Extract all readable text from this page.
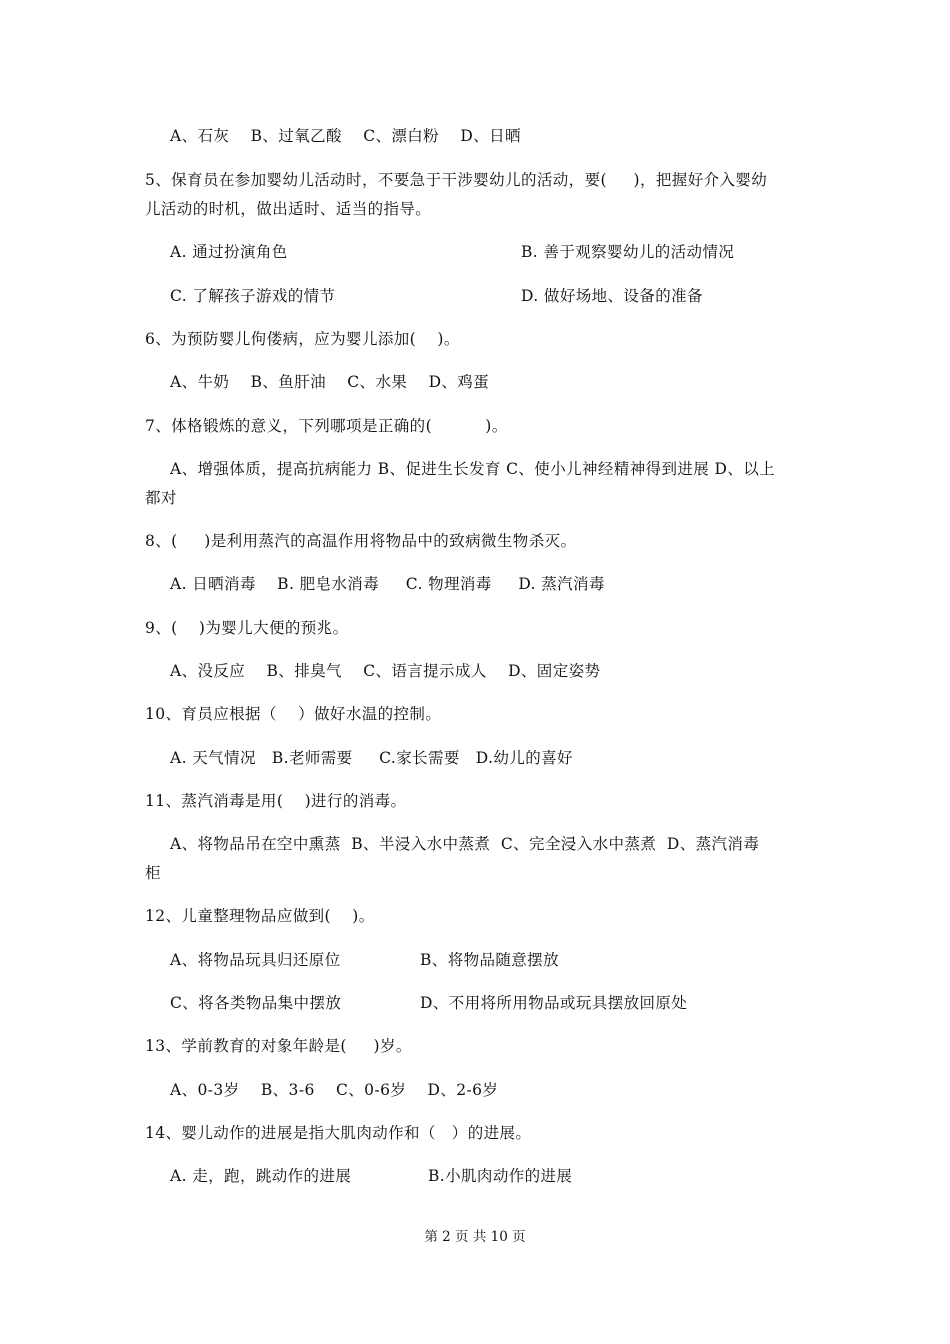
A、石灰    B、过氧乙酸    C、漂白粉    D、日晒
5、保育员在参加婴幼儿活动时，不要急于干涉婴幼儿的活动，要(     )，把握好介入婴幼
儿活动的时机，做出适时、适当的指导。
A. 通过扮演角色	B. 善于观察婴幼儿的活动情况
C. 了解孩子游戏的情节	D. 做好场地、设备的准备
6、为预防婴儿佝偻病，应为婴儿添加(    )。
A、牛奶    B、鱼肝油    C、水果    D、鸡蛋
7、体格锻炼的意义，下列哪项是正确的(          )。
A、增强体质，提高抗病能力 B、促进生长发育 C、使小儿神经精神得到进展 D、以上
都对
8、(     )是利用蒸汽的高温作用将物品中的致病微生物杀灭。
A. 日晒消毒    B. 肥皂水消毒     C. 物理消毒     D. 蒸汽消毒
9、(    )为婴儿大便的预兆。
A、没反应    B、排臭气    C、语言提示成人    D、固定姿势
10、育员应根据（    ）做好水温的控制。
A. 天气情况   B.老师需要     C.家长需要   D.幼儿的喜好
11、蒸汽消毒是用(    )进行的消毒。
A、将物品吊在空中熏蒸  B、半浸入水中蒸煮  C、完全浸入水中蒸煮  D、蒸汽消毒
柜
12、儿童整理物品应做到(    )。
A、将物品玩具归还原位	B、将物品随意摆放
C、将各类物品集中摆放	D、不用将所用物品或玩具摆放回原处
13、学前教育的对象年龄是(     )岁。
A、0-3岁    B、3-6    C、0-6岁    D、2-6岁
14、婴儿动作的进展是指大肌肉动作和（   ）的进展。
A. 走，跑，跳动作的进展	B.小肌肉动作的进展
第 2 页 共 10 页
